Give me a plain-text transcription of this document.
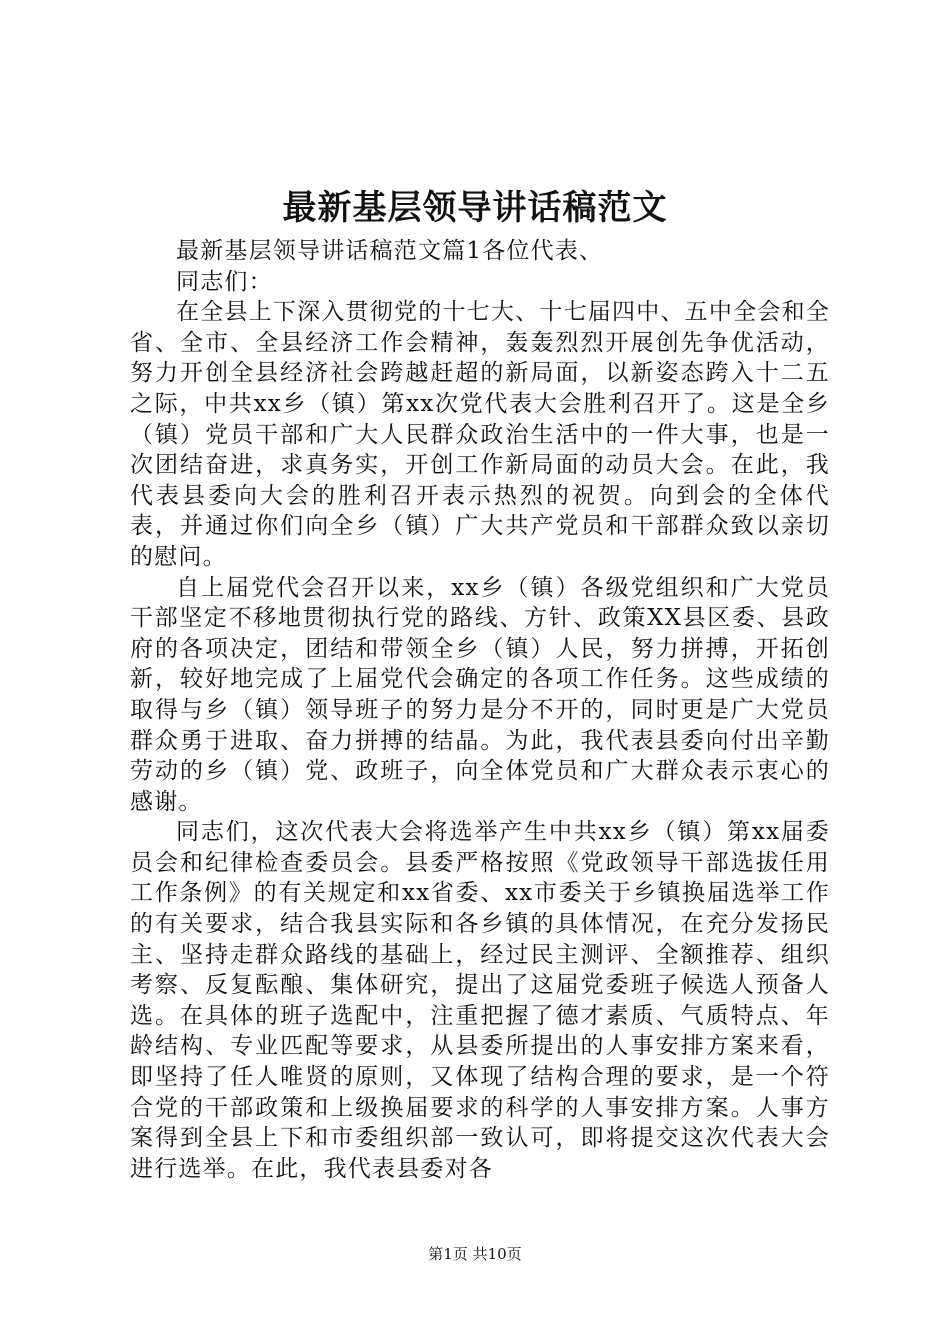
最新基层领导讲话稿范文

最新基层领导讲话稿范文篇1各位代表、

同志们：

在全县上下深入贯彻党的十七大、十七届四中、五中全会和全省、全市、全县经济工作会精神，轰轰烈烈开展创先争优活动，努力开创全县经济社会跨越赶超的新局面，以新姿态跨入十二五之际，中共xx乡（镇）第xx次党代表大会胜利召开了。这是全乡（镇）党员干部和广大人民群众政治生活中的一件大事，也是一次团结奋进，求真务实，开创工作新局面的动员大会。在此，我代表县委向大会的胜利召开表示热烈的祝贺。向到会的全体代表，并通过你们向全乡（镇）广大共产党员和干部群众致以亲切的慰问。

自上届党代会召开以来，xx乡（镇）各级党组织和广大党员干部坚定不移地贯彻执行党的路线、方针、政策XX县区委、县政府的各项决定，团结和带领全乡（镇）人民，努力拼搏，开拓创新，较好地完成了上届党代会确定的各项工作任务。这些成绩的取得与乡（镇）领导班子的努力是分不开的，同时更是广大党员群众勇于进取、奋力拼搏的结晶。为此，我代表县委向付出辛勤劳动的乡（镇）党、政班子，向全体党员和广大群众表示衷心的感谢。

同志们，这次代表大会将选举产生中共xx乡（镇）第xx届委员会和纪律检查委员会。县委严格按照《党政领导干部选拔任用工作条例》的有关规定和xx省委、xx市委关于乡镇换届选举工作的有关要求，结合我县实际和各乡镇的具体情况，在充分发扬民主、坚持走群众路线的基础上，经过民主测评、全额推荐、组织考察、反复酝酿、集体研究，提出了这届党委班子候选人预备人选。在具体的班子选配中，注重把握了德才素质、气质特点、年龄结构、专业匹配等要求，从县委所提出的人事安排方案来看，即坚持了任人唯贤的原则，又体现了结构合理的要求，是一个符合党的干部政策和上级换届要求的科学的人事安排方案。人事方案得到全县上下和市委组织部一致认可，即将提交这次代表大会进行选举。在此，我代表县委对各

第1页 共10页
